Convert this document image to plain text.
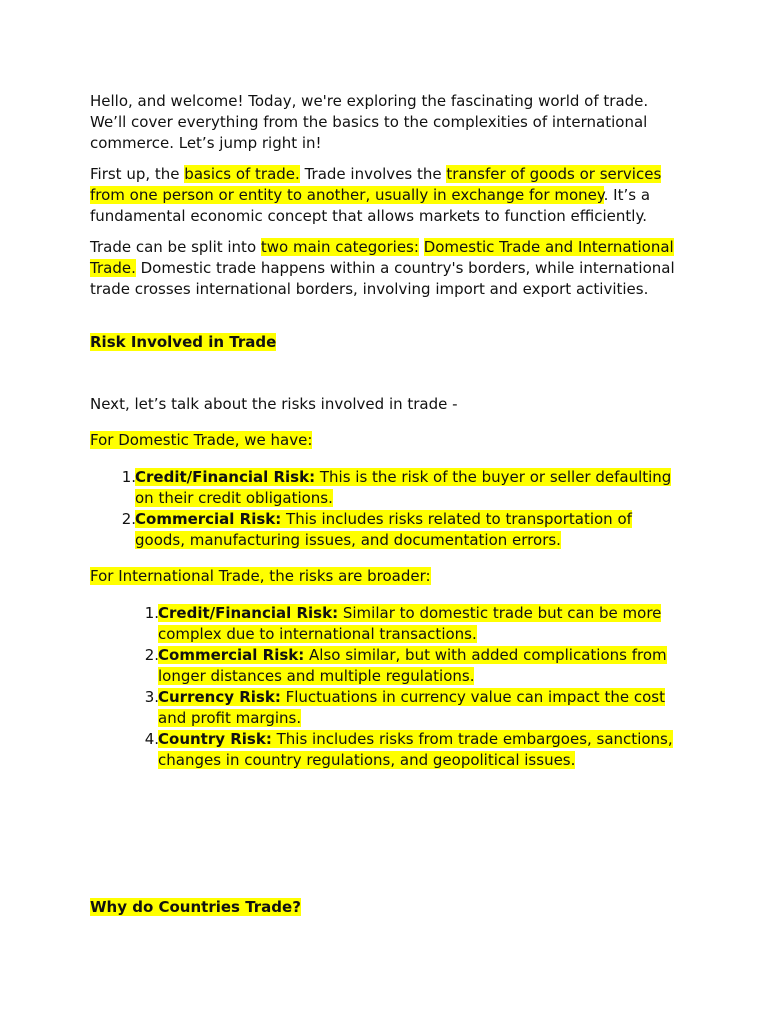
Hello, and welcome! Today, we're exploring the fascinating world of trade. We’ll cover everything from the basics to the complexities of international commerce. Let’s jump right in!

First up, the basics of trade. Trade involves the transfer of goods or services from one person or entity to another, usually in exchange for money. It’s a fundamental economic concept that allows markets to function efficiently.

Trade can be split into two main categories: Domestic Trade and International Trade. Domestic trade happens within a country's borders, while international trade crosses international borders, involving import and export activities.

Risk Involved in Trade

Next, let’s talk about the risks involved in trade -

For Domestic Trade, we have:

1. Credit/Financial Risk: This is the risk of the buyer or seller defaulting on their credit obligations.
2. Commercial Risk: This includes risks related to transportation of goods, manufacturing issues, and documentation errors.

For International Trade, the risks are broader:

1. Credit/Financial Risk: Similar to domestic trade but can be more complex due to international transactions.
2. Commercial Risk: Also similar, but with added complications from longer distances and multiple regulations.
3. Currency Risk: Fluctuations in currency value can impact the cost and profit margins.
4. Country Risk: This includes risks from trade embargoes, sanctions, changes in country regulations, and geopolitical issues.

Why do Countries Trade?
